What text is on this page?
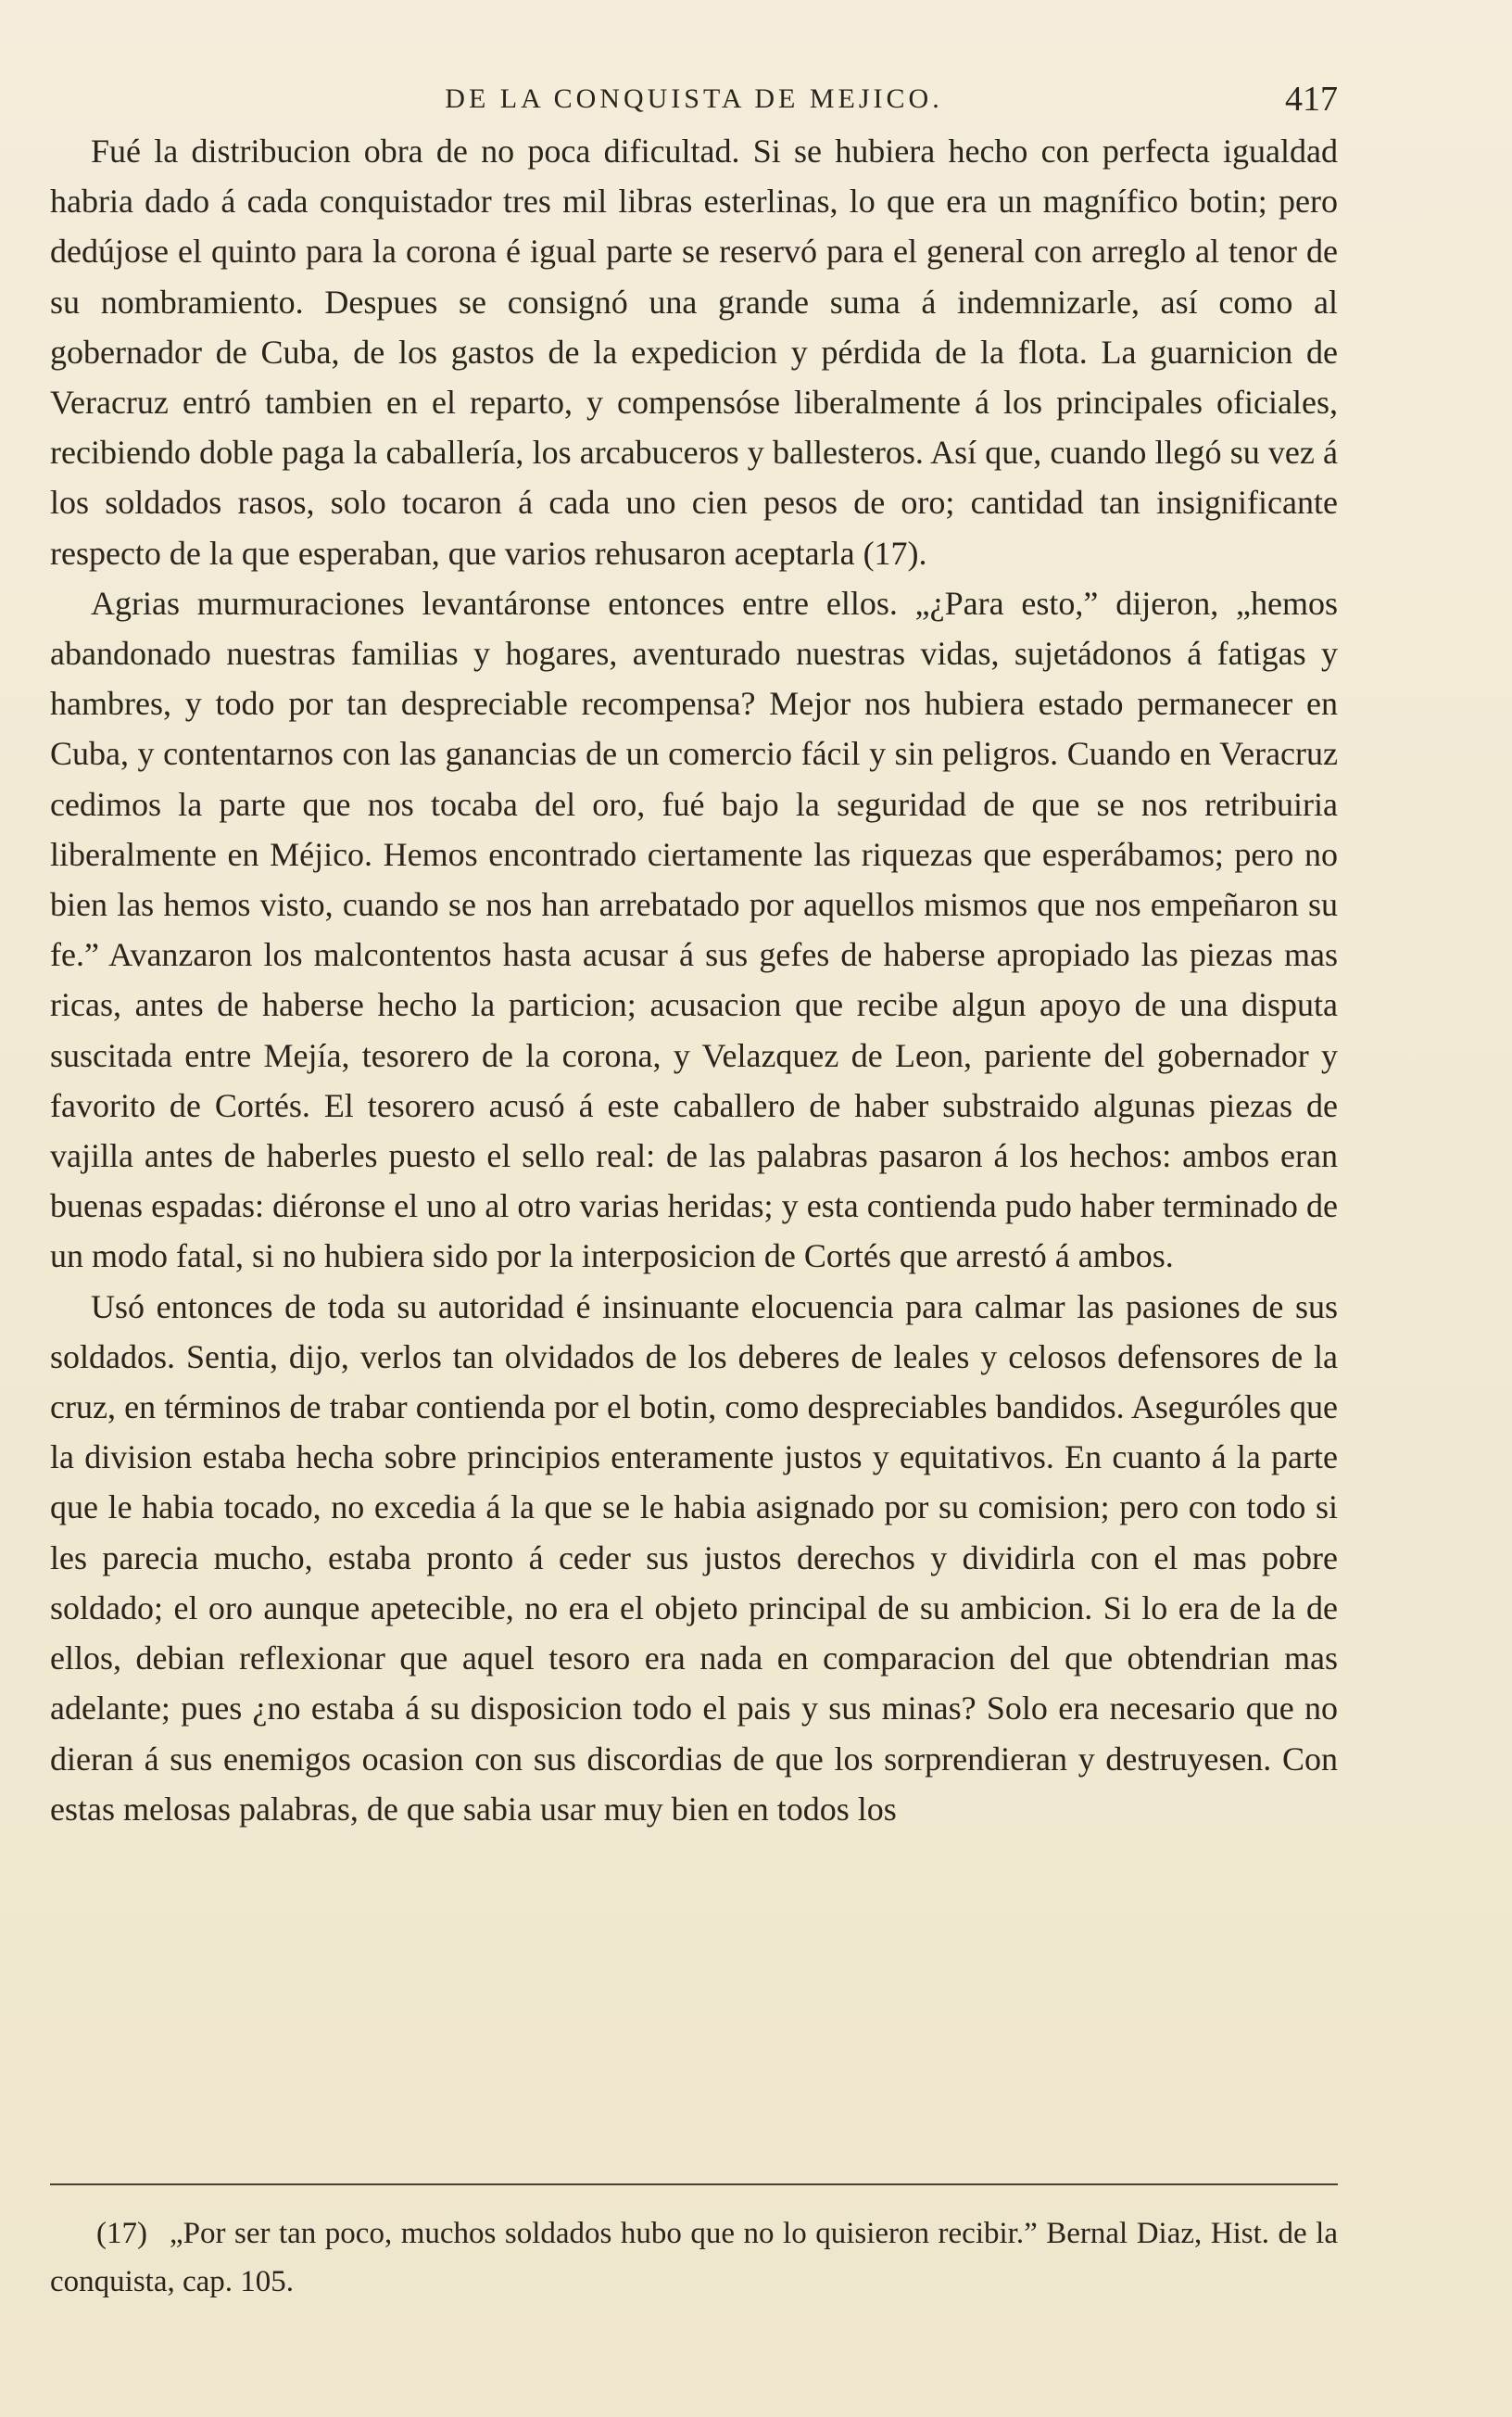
DE LA CONQUISTA DE MEJICO.	417

Fué la distribucion obra de no poca dificultad. Si se hubiera hecho con perfecta igualdad habria dado á cada conquistador tres mil libras esterlinas, lo que era un magnífico botin; pero dedújose el quinto para la corona é igual parte se reservó para el general con arreglo al tenor de su nombramiento. Despues se consignó una grande suma á indemnizarle, así como al gobernador de Cuba, de los gastos de la expedicion y pérdida de la flota. La guarnicion de Veracruz entró tambien en el reparto, y compensóse liberalmente á los principales oficiales, recibiendo doble paga la caballería, los arcabuceros y ballesteros. Así que, cuando llegó su vez á los soldados rasos, solo tocaron á cada uno cien pesos de oro; cantidad tan insignificante respecto de la que esperaban, que varios rehusaron aceptarla (17).

Agrias murmuraciones levantáronse entonces entre ellos. „¿Para esto,” dijeron, „hemos abandonado nuestras familias y hogares, aventurado nuestras vidas, sujetádonos á fatigas y hambres, y todo por tan despreciable recompensa? Mejor nos hubiera estado permanecer en Cuba, y contentarnos con las ganancias de un comercio fácil y sin peligros. Cuando en Veracruz cedimos la parte que nos tocaba del oro, fué bajo la seguridad de que se nos retribuiria liberalmente en Méjico. Hemos encontrado ciertamente las riquezas que esperábamos; pero no bien las hemos visto, cuando se nos han arrebatado por aquellos mismos que nos empeñaron su fe.” Avanzaron los malcontentos hasta acusar á sus gefes de haberse apropiado las piezas mas ricas, antes de haberse hecho la particion; acusacion que recibe algun apoyo de una disputa suscitada entre Mejía, tesorero de la corona, y Velazquez de Leon, pariente del gobernador y favorito de Cortés. El tesorero acusó á este caballero de haber substraido algunas piezas de vajilla antes de haberles puesto el sello real: de las palabras pasaron á los hechos: ambos eran buenas espadas: diéronse el uno al otro varias heridas; y esta contienda pudo haber terminado de un modo fatal, si no hubiera sido por la interposicion de Cortés que arrestó á ambos.

Usó entonces de toda su autoridad é insinuante elocuencia para calmar las pasiones de sus soldados. Sentia, dijo, verlos tan olvidados de los deberes de leales y celosos defensores de la cruz, en términos de trabar contienda por el botin, como despreciables bandidos. Aseguróles que la division estaba hecha sobre principios enteramente justos y equitativos. En cuanto á la parte que le habia tocado, no excedia á la que se le habia asignado por su comision; pero con todo si les parecia mucho, estaba pronto á ceder sus justos derechos y dividirla con el mas pobre soldado; el oro aunque apetecible, no era el objeto principal de su ambicion. Si lo era de la de ellos, debian reflexionar que aquel tesoro era nada en comparacion del que obtendrian mas adelante; pues ¿no estaba á su disposicion todo el pais y sus minas? Solo era necesario que no dieran á sus enemigos ocasion con sus discordias de que los sorprendieran y destruyesen. Con estas melosas palabras, de que sabia usar muy bien en todos los

(17) „Por ser tan poco, muchos soldados hubo que no lo quisieron recibir.” Bernal Diaz, Hist. de la conquista, cap. 105.
